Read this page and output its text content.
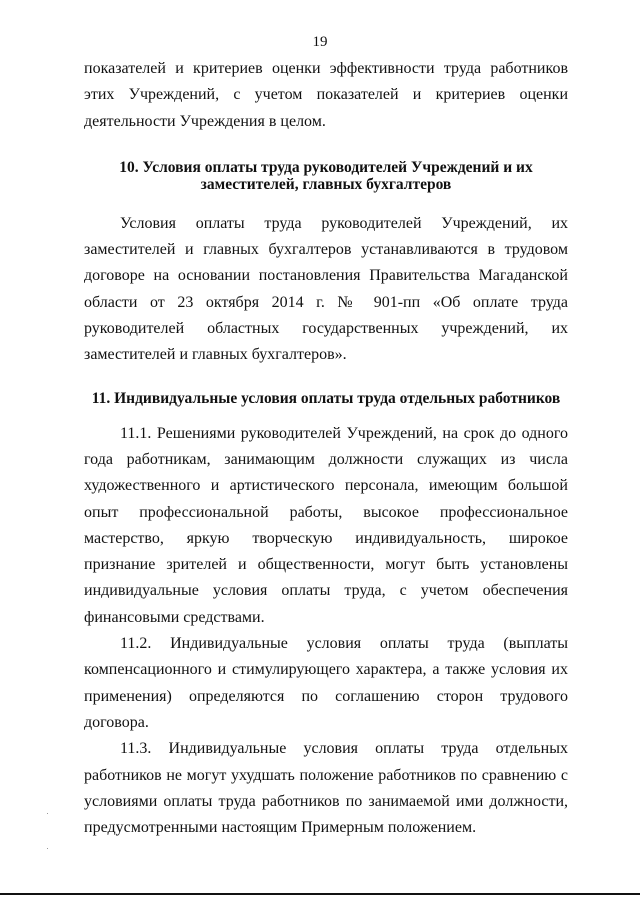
19

показателей и критериев оценки эффективности труда работников этих Учреждений, с учетом показателей и критериев оценки деятельности Учреждения в целом.

10. Условия оплаты труда руководителей Учреждений и их
заместителей, главных бухгалтеров

Условия оплаты труда руководителей Учреждений, их заместителей и главных бухгалтеров устанавливаются в трудовом договоре на основании постановления Правительства Магаданской области от 23 октября 2014 г. № 901-пп «Об оплате труда руководителей областных государственных учреждений, их заместителей и главных бухгалтеров».

11. Индивидуальные условия оплаты труда отдельных работников

11.1. Решениями руководителей Учреждений, на срок до одного года работникам, занимающим должности служащих из числа художественного и артистического персонала, имеющим большой опыт профессиональной работы, высокое профессиональное мастерство, яркую творческую индивидуальность, широкое признание зрителей и общественности, могут быть установлены индивидуальные условия оплаты труда, с учетом обеспечения финансовыми средствами.

11.2. Индивидуальные условия оплаты труда (выплаты компенсационного и стимулирующего характера, а также условия их применения) определяются по соглашению сторон трудового договора.

11.3. Индивидуальные условия оплаты труда отдельных работников не могут ухудшать положение работников по сравнению с условиями оплаты труда работников по занимаемой ими должности, предусмотренными настоящим Примерным положением.
